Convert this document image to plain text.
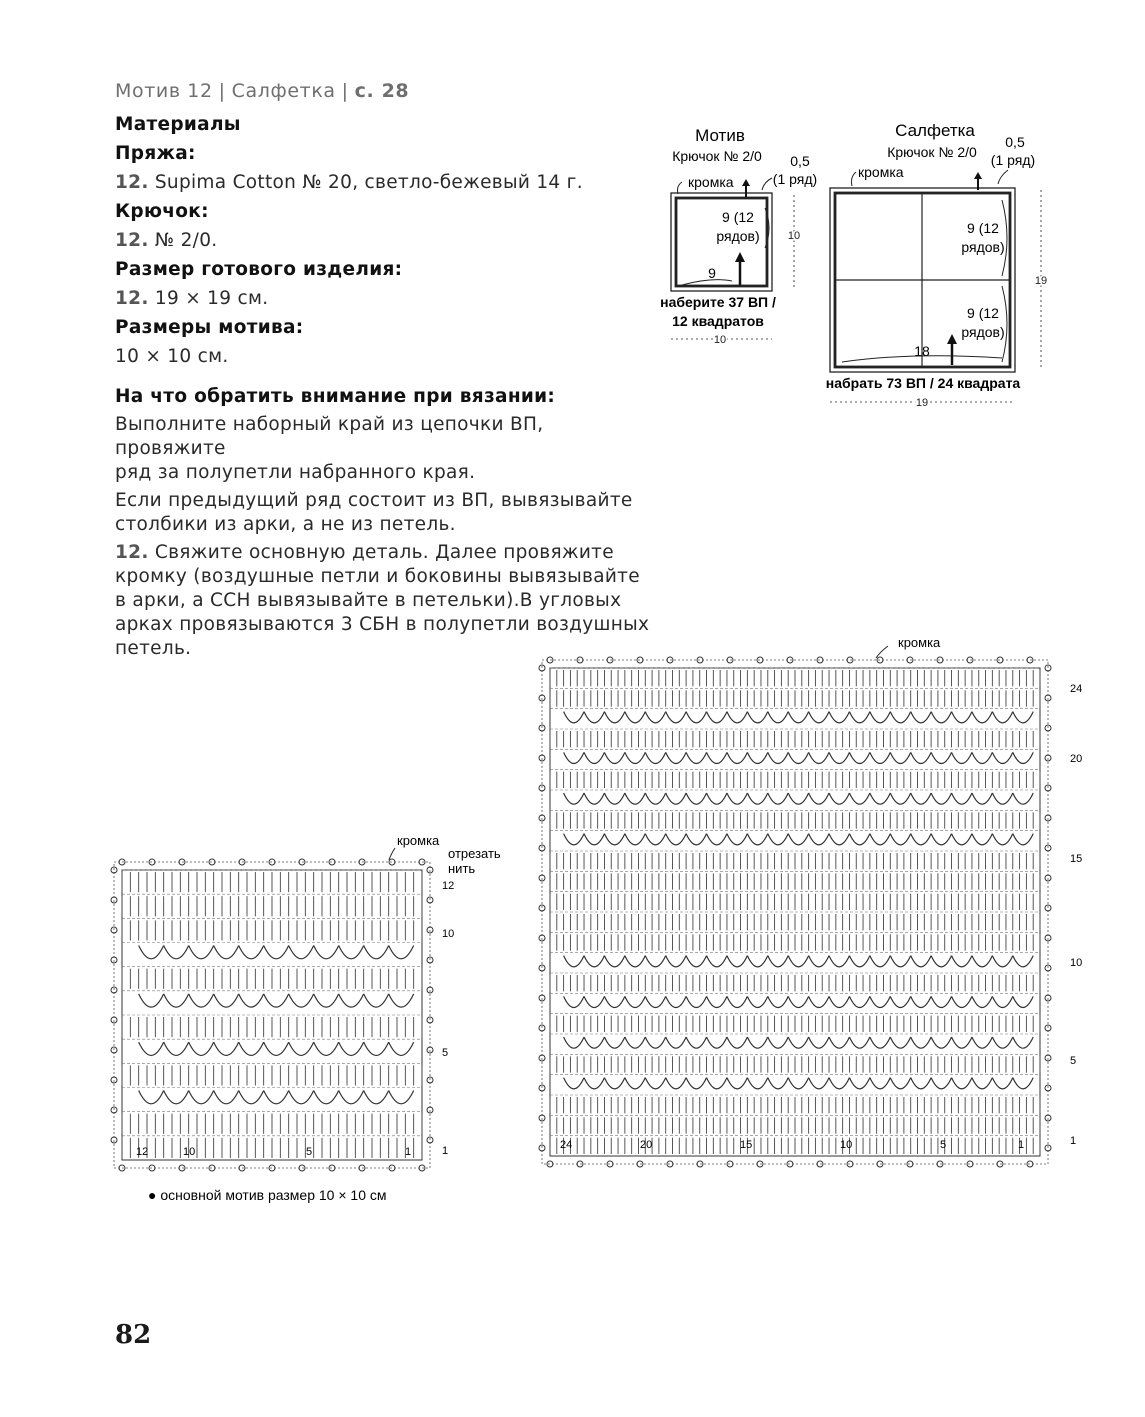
Мотив 12 | Салфетка | с. 28
Материалы
Пряжа:
12. Supima Cotton № 20, светло-бежевый 14 г.
Крючок:
12. № 2/0.
Размер готового изделия:
12. 19 × 19 см.
Размеры мотива:
10 × 10 см.
На что обратить внимание при вязании:
Выполните наборный край из цепочки ВП, провяжите
ряд за полупетли набранного края.
Если предыдущий ряд состоит из ВП, вывязывайте
столбики из арки, а не из петель.
12. Свяжите основную деталь. Далее провяжите
кромку (воздушные петли и боковины вывязывайте
в арки, а ССН вывязывайте в петельки).В угловых
арках провязываются 3 СБН в полупетли воздушных
петель.
Мотив
Крючок № 2/0 0,5
(1 ряд)
кромка
9 (12
рядов)
9
10
наберите 37 ВП /
12 квадратов
10
Салфетка
Крючок № 2/0
0,5
(1 ряд)
кромка
9 (12
рядов)
9 (12
рядов)
18
19
набрать 73 ВП / 24 квадрата
19
кромка
отрезать
нить
12
10
5
1
12	10	5	1
● основной мотив размер 10 × 10 см
кромка
24
20
15
10
5
1
24	20	15	10	5	1
82
